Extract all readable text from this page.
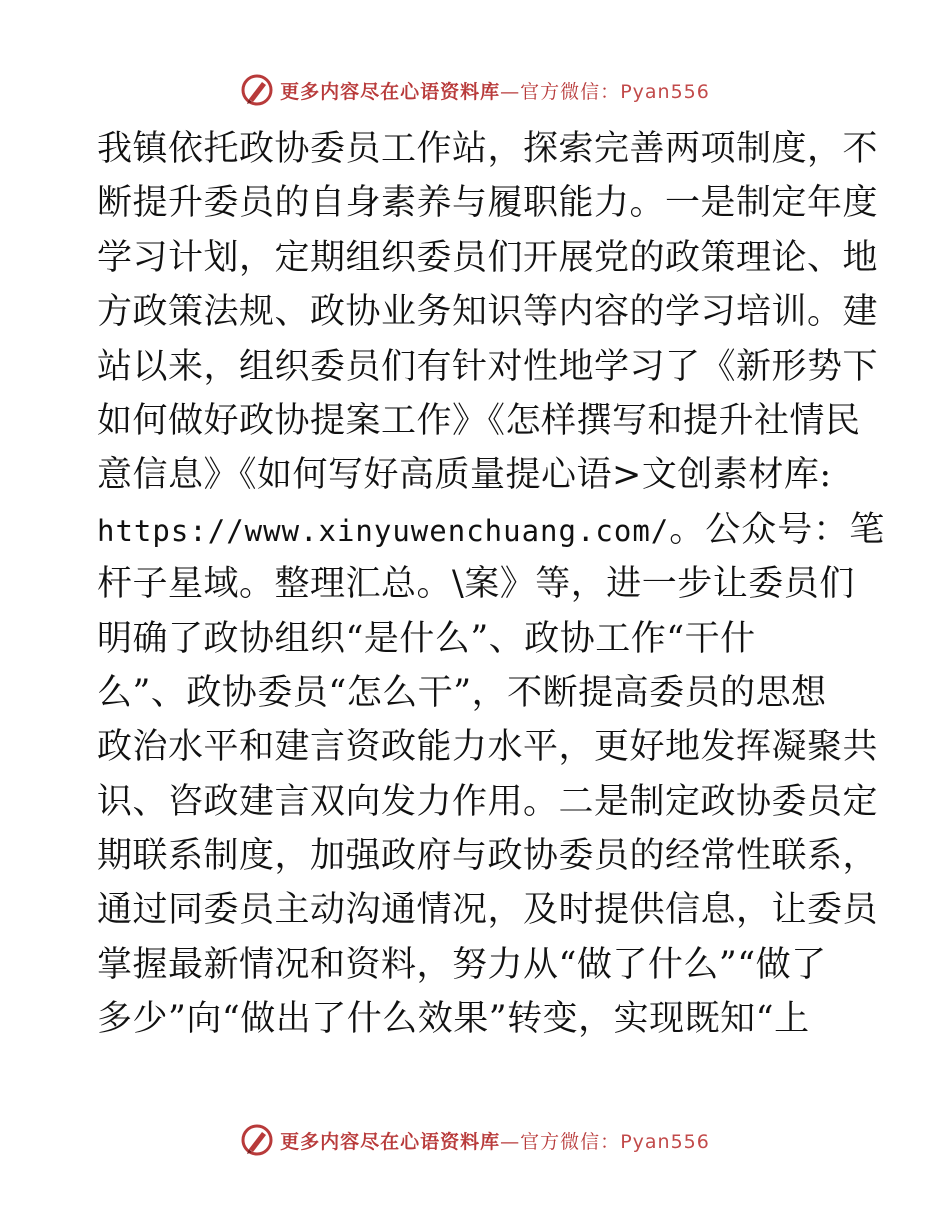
更多内容尽在心语资料库—官方微信：Pyan556
我镇依托政协委员工作站，探索完善两项制度，不
断提升委员的自身素养与履职能力。一是制定年度
学习计划，定期组织委员们开展党的政策理论、地
方政策法规、政协业务知识等内容的学习培训。建
站以来，组织委员们有针对性地学习了《新形势下
如何做好政协提案工作》《怎样撰写和提升社情民
意信息》《如何写好高质量提心语>文创素材库:
https://www.xinyuwenchuang.com/。公众号：笔
杆子星域。整理汇总。\案》等，进一步让委员们
明确了政协组织“是什么”、政协工作“干什
么”、政协委员“怎么干”，不断提高委员的思想
政治水平和建言资政能力水平，更好地发挥凝聚共
识、咨政建言双向发力作用。二是制定政协委员定
期联系制度，加强政府与政协委员的经常性联系，
通过同委员主动沟通情况，及时提供信息，让委员
掌握最新情况和资料，努力从“做了什么”“做了
多少”向“做出了什么效果”转变，实现既知“上
更多内容尽在心语资料库—官方微信：Pyan556
